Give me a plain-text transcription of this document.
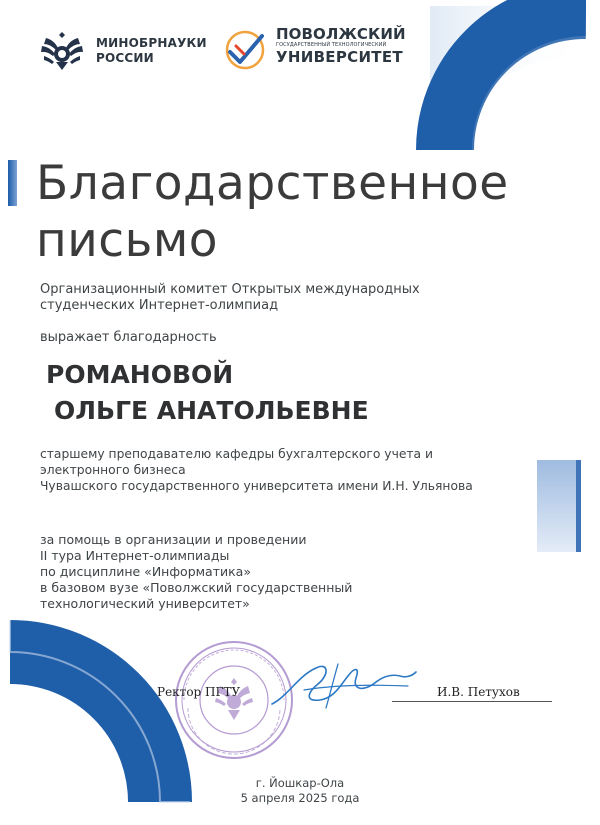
МИНОБРНАУКИ
РОССИИ
ПОВОЛЖСКИЙ
ГОСУДАРСТВЕННЫЙ ТЕХНОЛОГИЧЕСКИЙ
УНИВЕРСИТЕТ
Благодарственное
письмо
Организационный комитет Открытых международных
студенческих Интернет-олимпиад
выражает благодарность
РОМАНОВОЙ
ОЛЬГЕ АНАТОЛЬЕВНЕ
старшему преподавателю кафедры бухгалтерского учета и
электронного бизнеса
Чувашского государственного университета имени И.Н. Ульянова
за помощь в организации и проведении
II тура Интернет-олимпиады
по дисциплине «Информатика»
в базовом вузе «Поволжский государственный
технологический университет»
Ректор ПГТУ	И.В. Петухов
г. Йошкар-Ола
5 апреля 2025 года
